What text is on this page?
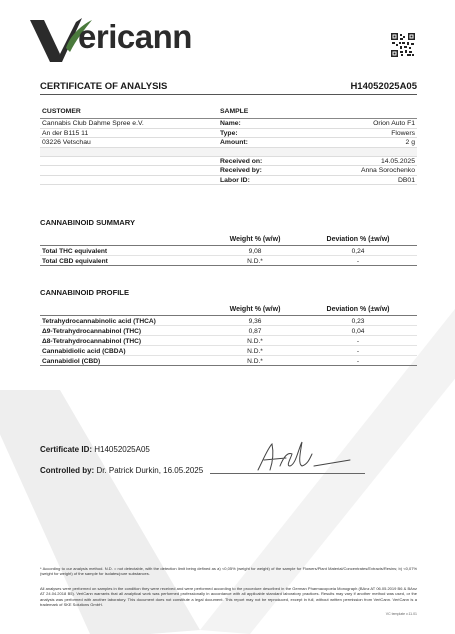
ericann
CERTIFICATE OF ANALYSIS	H14052025A05
CUSTOMER	SAMPLE
Cannabis Club Dahme Spree e.V.	Name:	Orion Auto F1
An der B115 11	Type:	Flowers
03226 Vetschau	Amount:	2 g
Received on:	14.05.2025
Received by:	Anna Sorochenko
Labor ID:	DB01
CANNABINOID SUMMARY
Weight % (w/w)	Deviation % (±w/w)
Total THC equivalent	9,08	0,24
Total CBD equivalent	N.D.*	-
CANNABINOID PROFILE
Weight % (w/w)	Deviation % (±w/w)
Tetrahydrocannabinolic acid (THCA)	9,36	0,23
Δ9-Tetrahydrocannabinol (THC)	0,87	0,04
Δ8-Tetrahydrocannabinol (THC)	N.D.*	-
Cannabidiolic acid (CBDA)	N.D.*	-
Cannabidiol (CBD)	N.D.*	-
Certificate ID: H14052025A05
Controlled by: Dr. Patrick Durkin, 16.05.2025
* According to our analysis method. N.D. = not detectable, with the detection limit being defined as a) <0,05% (weight for weight) of the sample for Flowers/Plant Material/Concentrates/Extracts/Resins; b) <0,07% (weight for weight) of the sample for isolates/pure substances.
All analyses were performed on samples in the condition they were received and were performed according to the procedure described in the German Pharmacopoeia Monograph (BAnz AT 06.05.2019 B6 & BAnz AT 24.04.2018 B5). VeriCann warrants that all analytical work was performed professionally in accordance with all applicable standard laboratory practices. Results may vary if another method was used, or the analysis was performed with another laboratory. This document does not constitute a legal document. This report may not be reproduced, except in full, without written permission from VeriCann. VeriCann is a trademark of SKE Solutions GmbH.
VC template v.11.01
